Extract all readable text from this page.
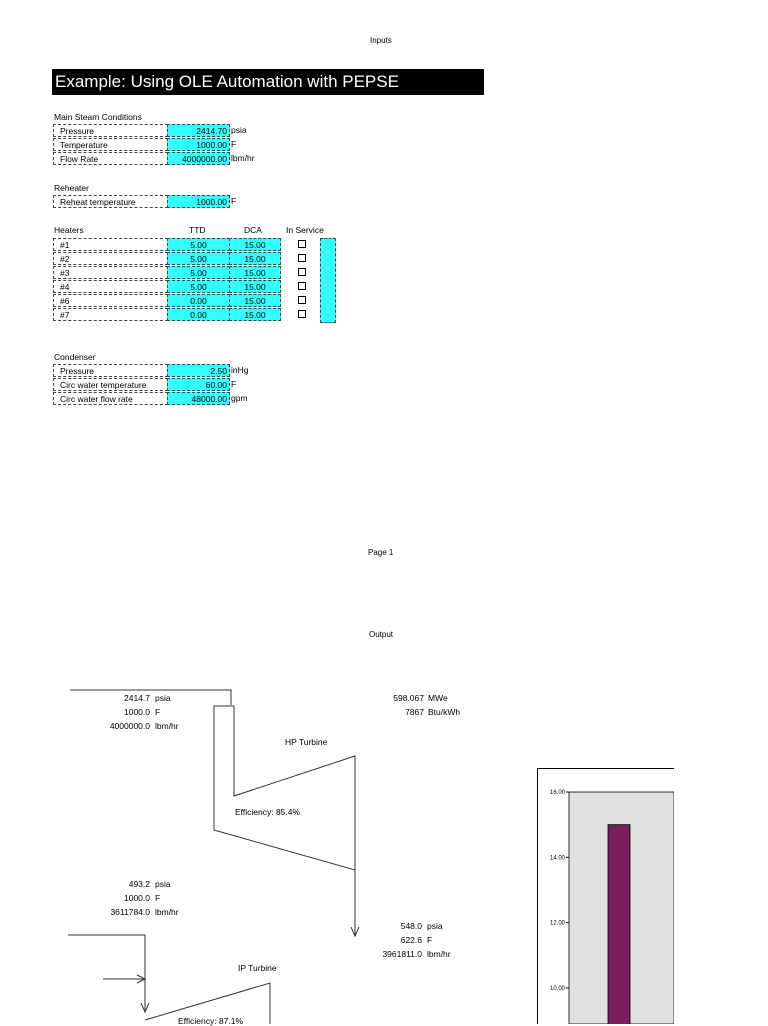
Inputs
Example: Using OLE Automation with PEPSE
Main Steam Conditions
Pressure	2414.70 psia
Temperature	1000.00 F
Flow Rate	4000000.00 lbm/hr
Reheater
Reheat temperature	1000.00 F
Heaters	TTD	DCA	In Service
#1	5.00	15.00
#2	5.00	15.00
#3	5.00	15.00
#4	5.00	15.00
#6	0.00	15.00
#7	0.00	15.00
Condenser
Pressure	2.50 inHg
Circ water temperature	60.00 F
Circ water flow rate	48000.00 gpm
Page 1
Output
2414.7 psia
1000.0 F
4000000.0 lbm/hr
598.067 MWe
7867 Btu/kWh
HP Turbine
Efficiency: 85.4%
493.2 psia
1000.0 F
3611784.0 lbm/hr
548.0 psia
622.6 F
3961811.0 lbm/hr
IP Turbine
Efficiency: 87.1%
16.00
14.00
12.00
10.00
